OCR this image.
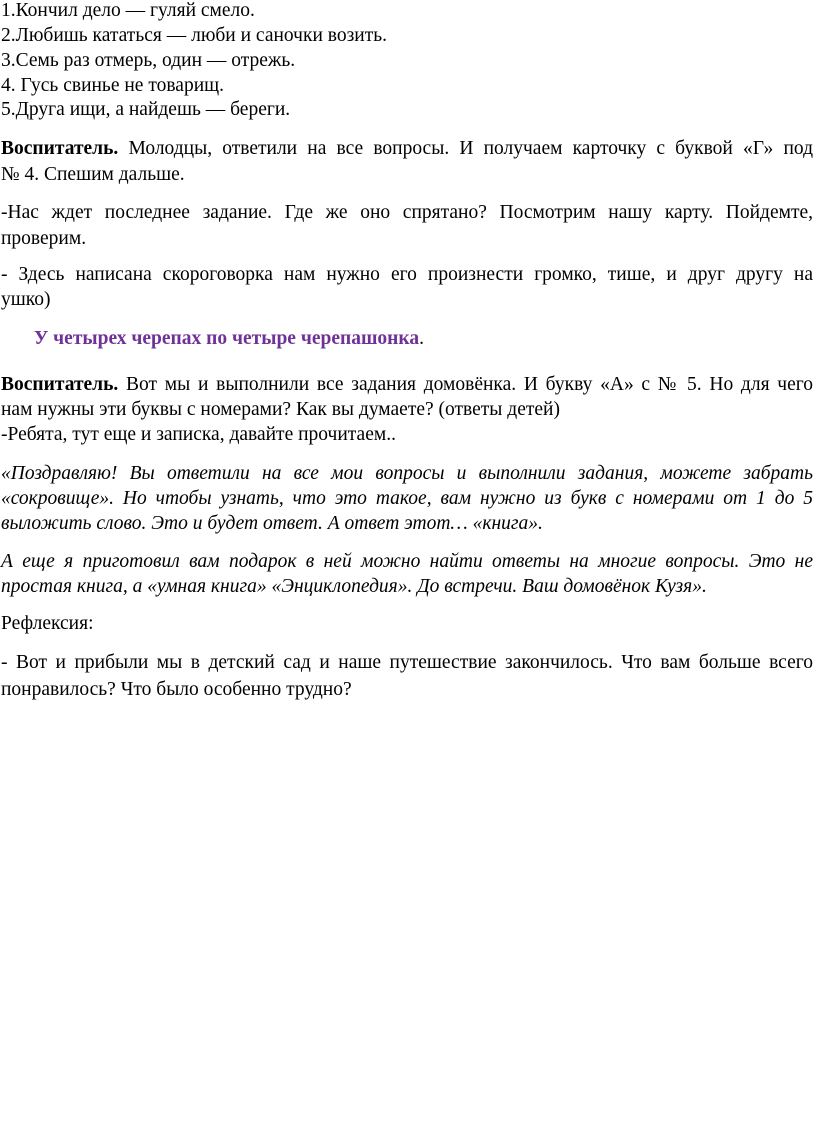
1.Кончил дело — гуляй смело.
2.Любишь кататься — люби и саночки возить.
3.Семь раз отмерь, один — отрежь.
4. Гусь свинье не товарищ.
5.Друга ищи, а найдешь — береги.
Воспитатель. Молодцы, ответили на все вопросы. И получаем карточку с буквой «Г» под
№ 4. Спешим дальше.
-Нас ждет последнее задание. Где же оно спрятано? Посмотрим нашу карту. Пойдемте,
проверим.
- Здесь написана скороговорка нам нужно его произнести громко, тише, и друг другу на
ушко)
У четырех черепах по четыре черепашонка.
Воспитатель. Вот мы и выполнили все задания домовёнка. И букву «А» с № 5. Но для чего
нам нужны эти буквы с номерами? Как вы думаете? (ответы детей)
-Ребята, тут еще и записка, давайте прочитаем..
«Поздравляю! Вы ответили на все мои вопросы и выполнили задания, можете забрать
«сокровище». Но чтобы узнать, что это такое, вам нужно из букв с номерами от 1 до 5
выложить слово. Это и будет ответ. А ответ этот… «книга».
А еще я приготовил вам подарок в ней можно найти ответы на многие вопросы. Это не
простая книга, а «умная книга» «Энциклопедия». До встречи. Ваш домовёнок Кузя».
Рефлексия:
- Вот и прибыли мы в детский сад и наше путешествие закончилось. Что вам больше всего
понравилось? Что было особенно трудно?
